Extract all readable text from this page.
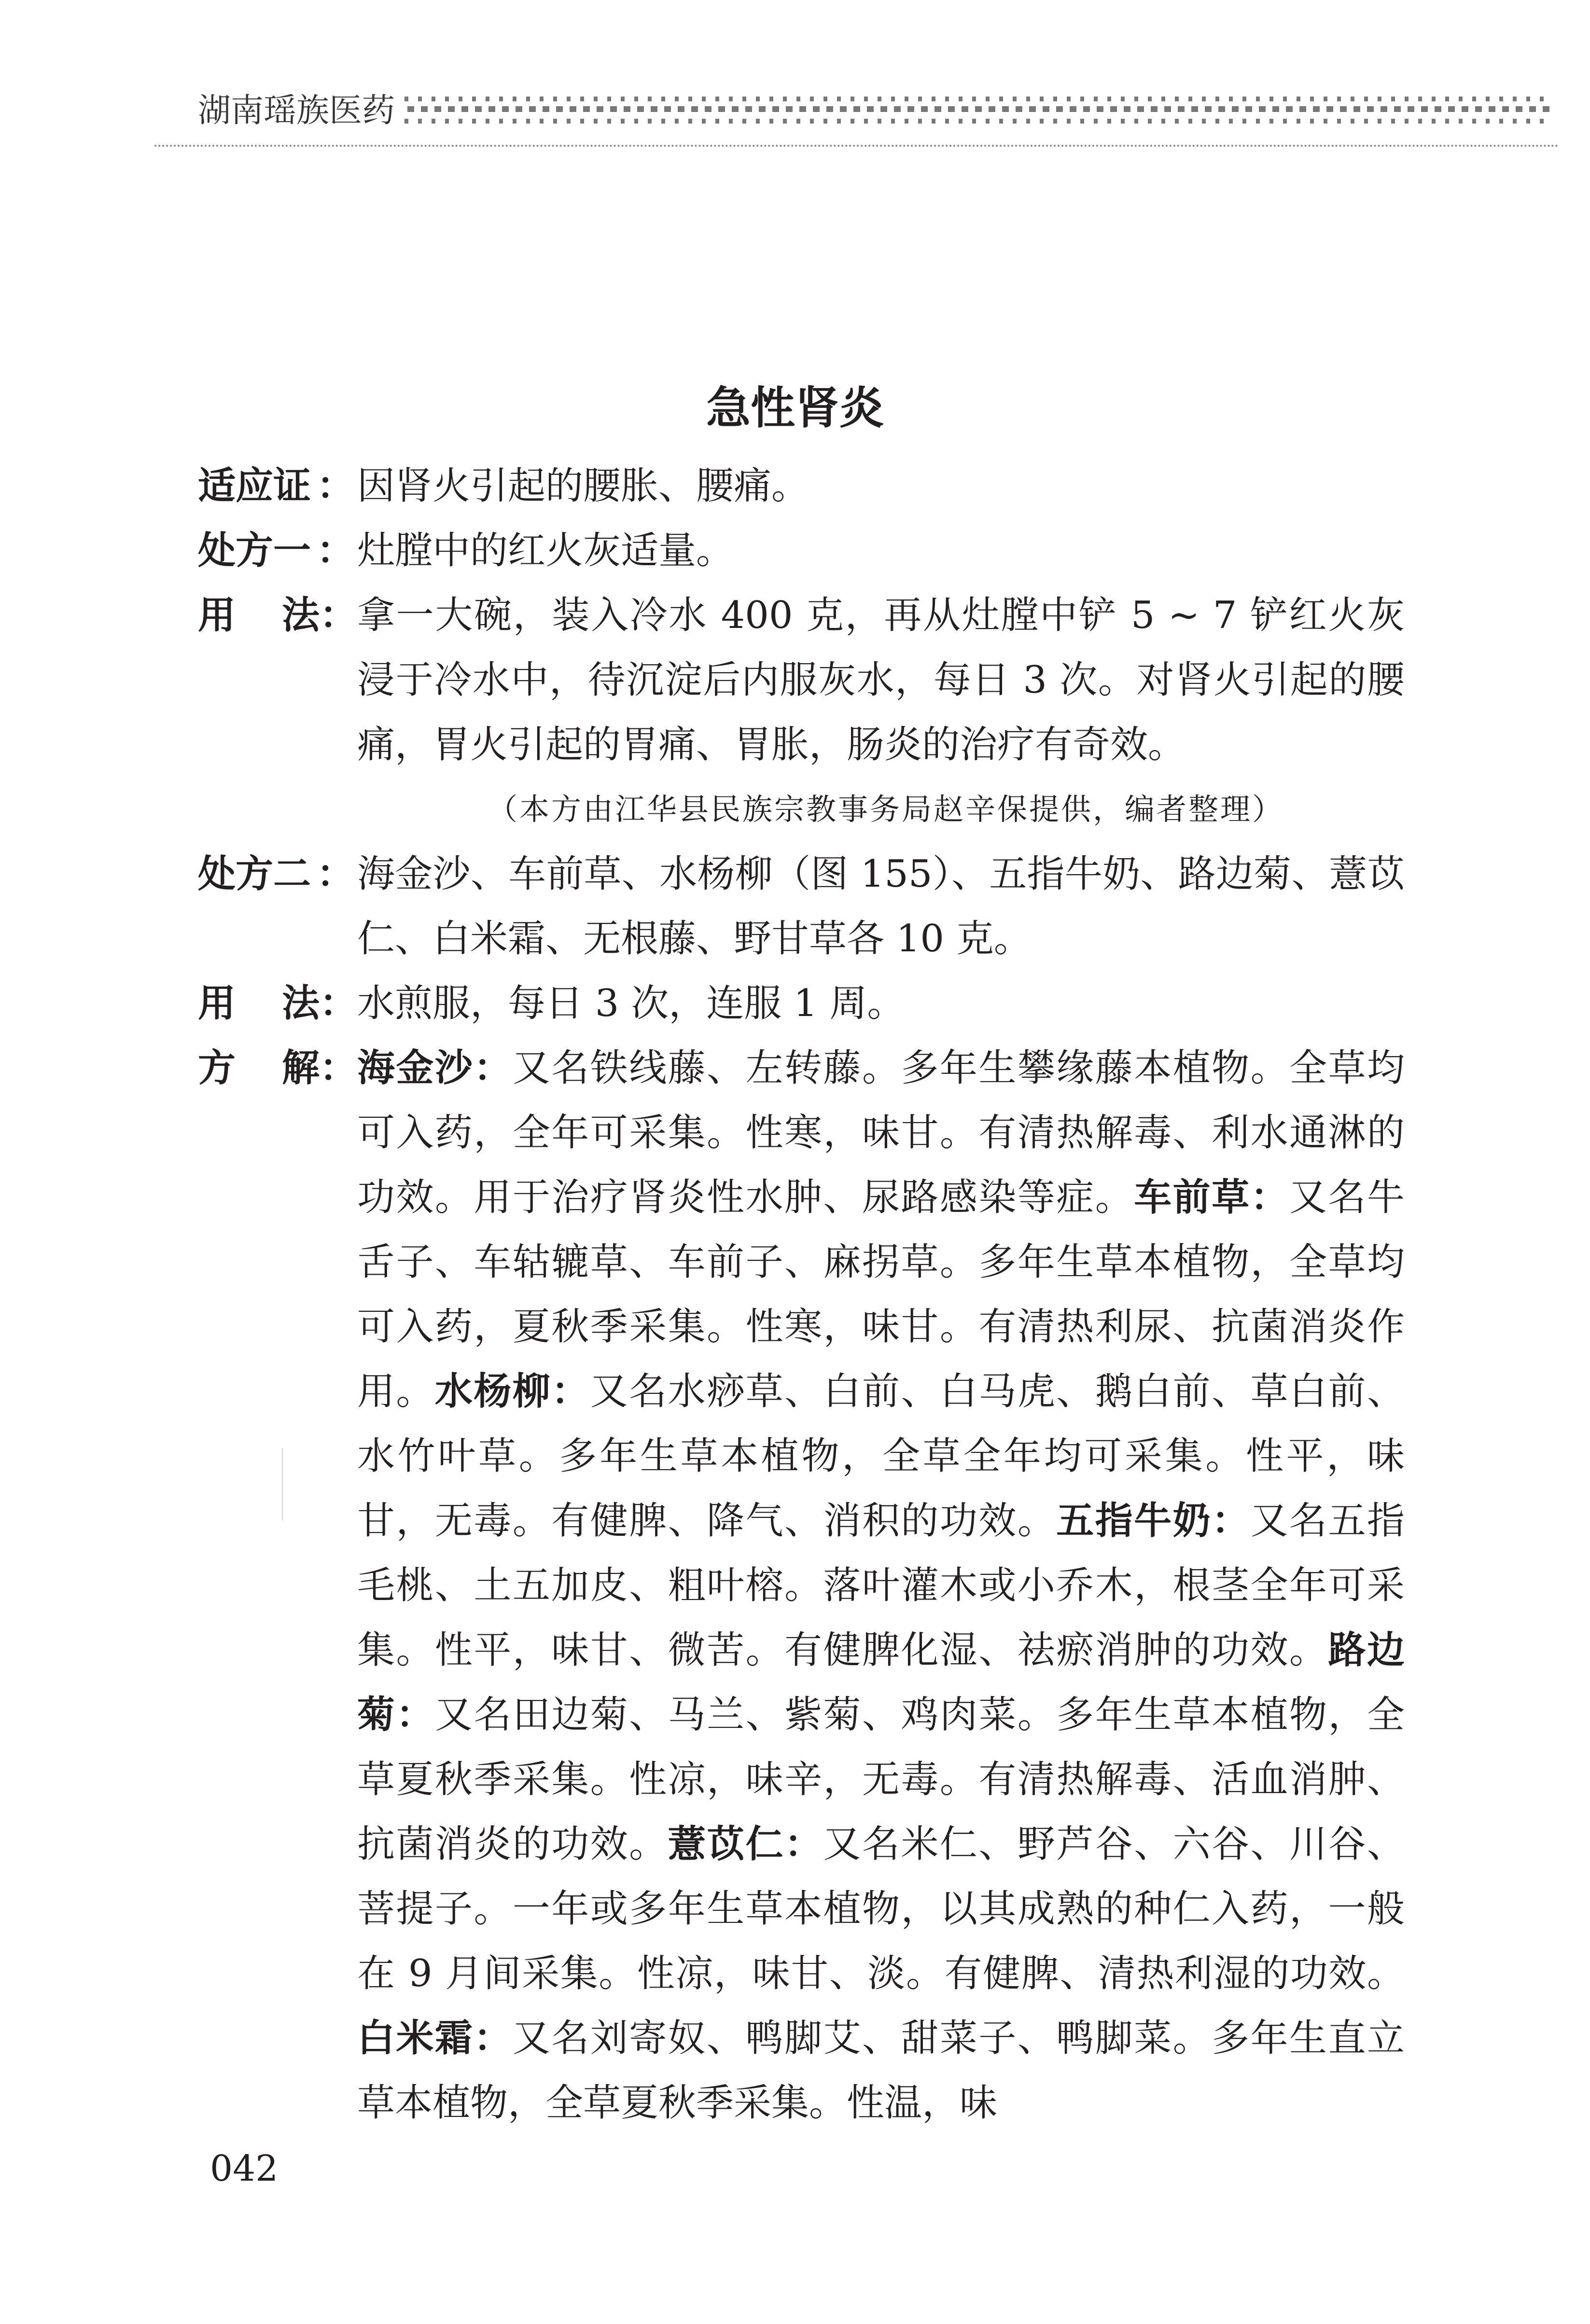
湖南瑶族医药
急性肾炎
适应证 ： 因肾火引起的腰胀、腰痛。
处方一 ： 灶膛中的红火灰适量。
用 法： 拿一大碗，装入冷水 400 克，再从灶膛中铲 5 ~ 7 铲红火灰浸于冷水中，待沉淀后内服灰水，每日 3 次。对肾火引起的腰痛，胃火引起的胃痛、胃胀，肠炎的治疗有奇效。
（本方由江华县民族宗教事务局赵辛保提供，编者整理）
处方二 ： 海金沙、车前草、水杨柳（图 155）、五指牛奶、路边菊、薏苡仁、白米霜、无根藤、野甘草各 10 克。
用 法： 水煎服，每日 3 次，连服 1 周。
方 解： 海金沙：又名铁线藤、左转藤。多年生攀缘藤本植物。全草均可入药，全年可采集。性寒，味甘。有清热解毒、利水通淋的功效。用于治疗肾炎性水肿、尿路感染等症。车前草：又名牛舌子、车轱辘草、车前子、麻拐草。多年生草本植物，全草均可入药，夏秋季采集。性寒，味甘。有清热利尿、抗菌消炎作用。水杨柳：又名水痧草、白前、白马虎、鹅白前、草白前、水竹叶草。多年生草本植物，全草全年均可采集。性平，味甘，无毒。有健脾、降气、消积的功效。五指牛奶：又名五指毛桃、土五加皮、粗叶榕。落叶灌木或小乔木，根茎全年可采集。性平，味甘、微苦。有健脾化湿、祛瘀消肿的功效。路边菊：又名田边菊、马兰、紫菊、鸡肉菜。多年生草本植物，全草夏秋季采集。性凉，味辛，无毒。有清热解毒、活血消肿、抗菌消炎的功效。薏苡仁：又名米仁、野芦谷、六谷、川谷、菩提子。一年或多年生草本植物，以其成熟的种仁入药，一般在 9 月间采集。性凉，味甘、淡。有健脾、清热利湿的功效。白米霜：又名刘寄奴、鸭脚艾、甜菜子、鸭脚菜。多年生直立草本植物，全草夏秋季采集。性温，味
042
